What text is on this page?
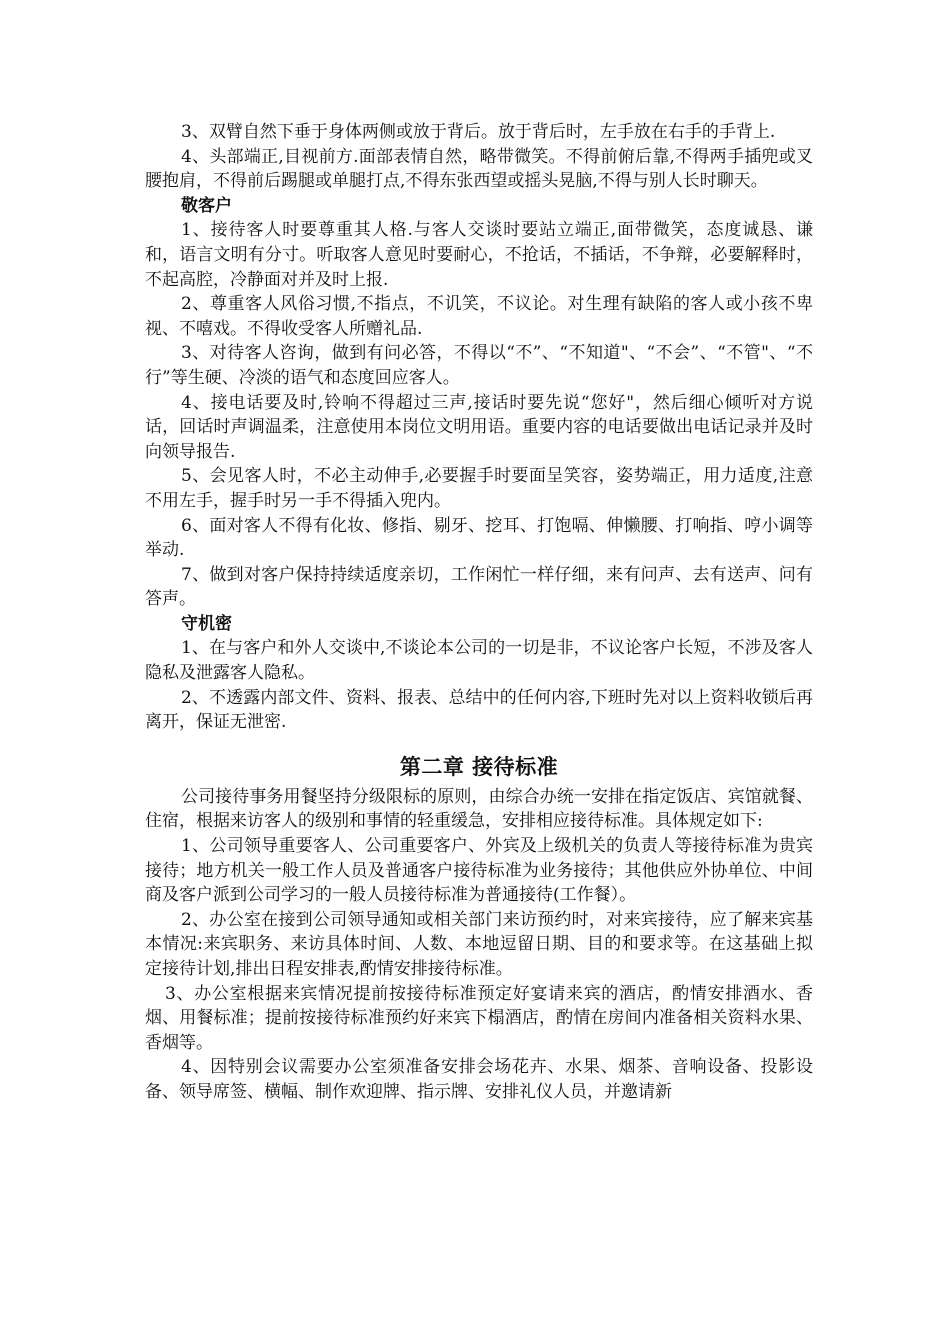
3、双臂自然下垂于身体两侧或放于背后。放于背后时，左手放在右手的手背上.

4、头部端正,目视前方.面部表情自然，略带微笑。不得前俯后靠,不得两手插兜或叉腰抱肩，不得前后踢腿或单腿打点,不得东张西望或摇头晃脑,不得与别人长时聊天。

敬客户

1、接待客人时要尊重其人格.与客人交谈时要站立端正,面带微笑，态度诚恳、谦和，语言文明有分寸。听取客人意见时要耐心，不抢话，不插话，不争辩，必要解释时，不起高腔，冷静面对并及时上报.

2、尊重客人风俗习惯,不指点，不讥笑，不议论。对生理有缺陷的客人或小孩不卑视、不嘻戏。不得收受客人所赠礼品.

3、对待客人咨询，做到有问必答，不得以“不”、“不知道"、“不会”、“不管"、“不行”等生硬、冷淡的语气和态度回应客人。

4、接电话要及时,铃响不得超过三声,接话时要先说“您好"，然后细心倾听对方说话，回话时声调温柔，注意使用本岗位文明用语。重要内容的电话要做出电话记录并及时向领导报告.

5、会见客人时，不必主动伸手,必要握手时要面呈笑容，姿势端正，用力适度,注意不用左手，握手时另一手不得插入兜内。

6、面对客人不得有化妆、修指、剔牙、挖耳、打饱嗝、伸懒腰、打响指、哼小调等举动.

7、做到对客户保持持续适度亲切，工作闲忙一样仔细，来有问声、去有送声、问有答声。

守机密

1、在与客户和外人交谈中,不谈论本公司的一切是非，不议论客户长短，不涉及客人隐私及泄露客人隐私。

2、不透露内部文件、资料、报表、总结中的任何内容,下班时先对以上资料收锁后再离开，保证无泄密.

第二章 接待标准

公司接待事务用餐坚持分级限标的原则，由综合办统一安排在指定饭店、宾馆就餐、住宿，根据来访客人的级别和事情的轻重缓急，安排相应接待标准。具体规定如下:

1、公司领导重要客人、公司重要客户、外宾及上级机关的负责人等接待标准为贵宾接待；地方机关一般工作人员及普通客户接待标准为业务接待；其他供应外协单位、中间商及客户派到公司学习的一般人员接待标准为普通接待(工作餐）。

2、办公室在接到公司领导通知或相关部门来访预约时，对来宾接待，应了解来宾基本情况:来宾职务、来访具体时间、人数、本地逗留日期、目的和要求等。在这基础上拟定接待计划,排出日程安排表,酌情安排接待标准。

3、办公室根据来宾情况提前按接待标准预定好宴请来宾的酒店，酌情安排酒水、香烟、用餐标准；提前按接待标准预约好来宾下榻酒店，酌情在房间内准备相关资料水果、香烟等。

4、因特别会议需要办公室须准备安排会场花卉、水果、烟茶、音响设备、投影设备、领导席签、横幅、制作欢迎牌、指示牌、安排礼仪人员，并邀请新
